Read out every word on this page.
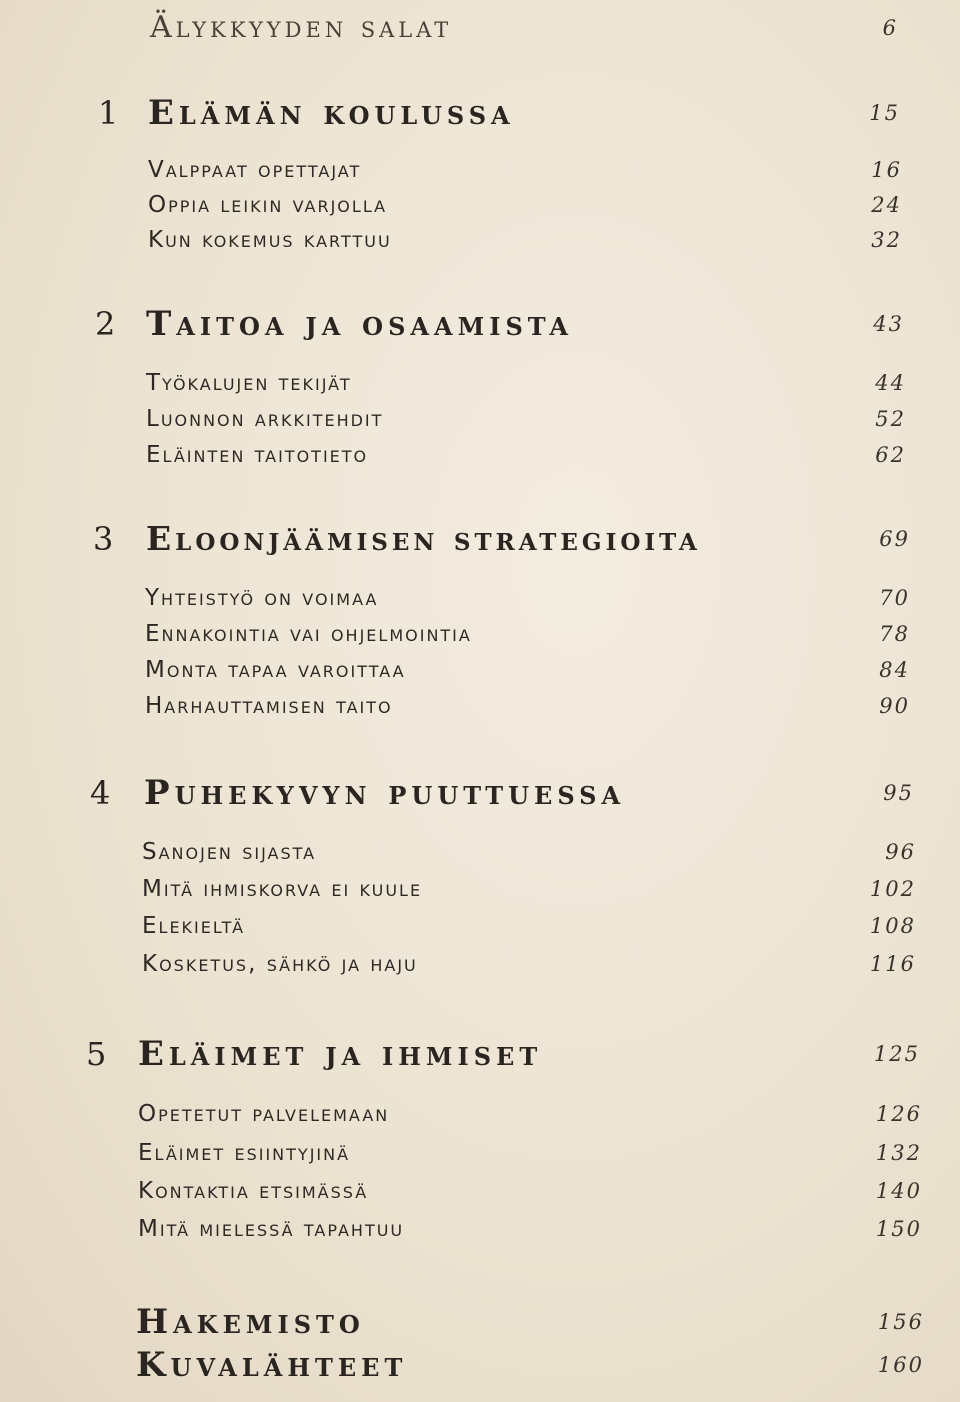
Älykkyyden salat	6
1 Elämän koulussa	15
Valppaat opettajat	16
Oppia leikin varjolla	24
Kun kokemus karttuu	32
2 Taitoa ja osaamista	43
Työkalujen tekijät	44
Luonnon arkkitehdit	52
Eläinten taitotieto	62
3 Eloonjäämisen strategioita	69
Yhteistyö on voimaa	70
Ennakointia vai ohjelmointia	78
Monta tapaa varoittaa	84
Harhauttamisen taito	90
4 Puhekyvyn puuttuessa	95
Sanojen sijasta	96
Mitä ihmiskorva ei kuule	102
Elekieltä	108
Kosketus, sähkö ja haju	116
5 Eläimet ja ihmiset	125
Opetetut palvelemaan	126
Eläimet esiintyjinä	132
Kontaktia etsimässä	140
Mitä mielessä tapahtuu	150
Hakemisto	156
Kuvalähteet	160
